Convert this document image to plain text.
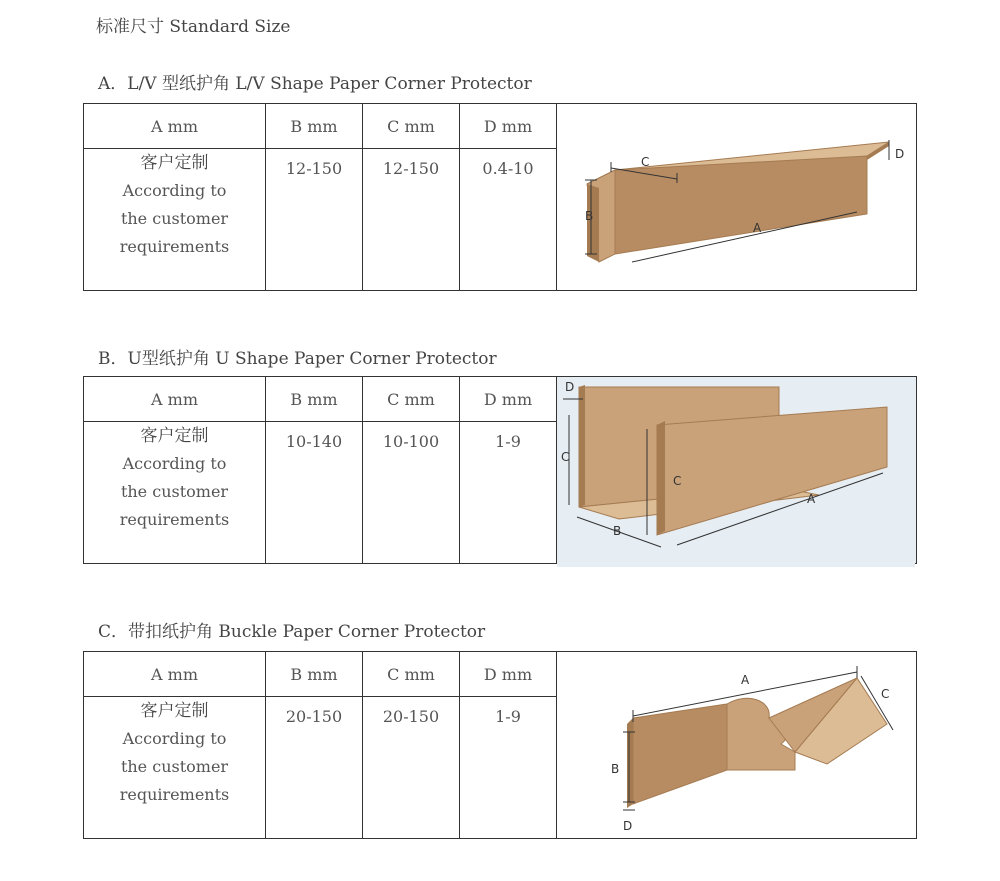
标准尺寸 Standard Size
A．L/V 型纸护角 L/V Shape Paper Corner Protector
A mm	B mm	C mm	D mm	A
B
C
D

客户定制
According to
the customer
requirements	12-150	12-150	0.4-10	
B．U型纸护角 U Shape Paper Corner Protector
A mm	B mm	C mm	D mm	D
C
C
B
A

客户定制
According to
the customer
requirements	10-140	10-100	1-9	
C．带扣纸护角 Buckle Paper Corner Protector
A mm	B mm	C mm	D mm	A
B
C
D

客户定制
According to
the customer
requirements	20-150	20-150	1-9	
